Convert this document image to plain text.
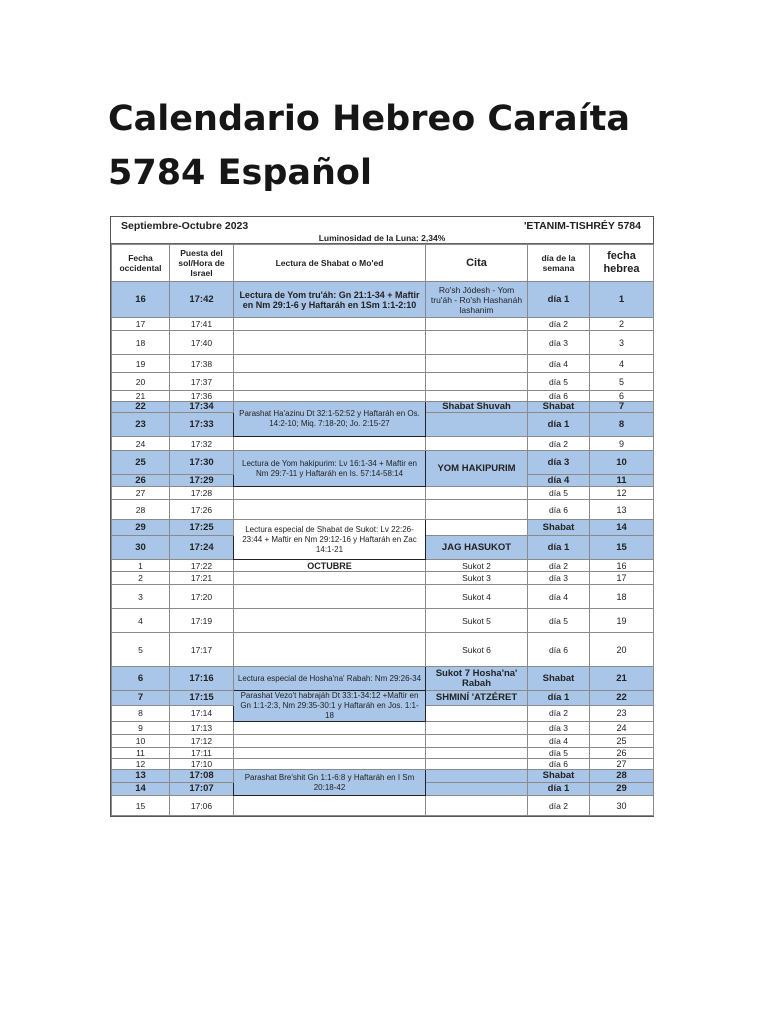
Calendario Hebreo Caraíta 5784 Español
Septiembre-Octubre 2023	'ETANIM-TISHRÉY 5784
Luminosidad de la Luna: 2,34%
Fecha occidental	Puesta del sol/Hora de Israel	Lectura de Shabat o Mo'ed	Cita	día de la semana	fecha hebrea
16	17:42	Lectura de Yom tru'áh: Gn 21:1-34 + Maftir en Nm 29:1-6 y Haftaráh en 1Sm 1:1-2:10	Ro'sh Jódesh - Yom tru'áh - Ro'sh Hashanáh lashanim	día 1	1
17	17:41			día 2	2
18	17:40			día 3	3
19	17:38			día 4	4
20	17:37			día 5	5
21	17:36			día 6	6
22	17:34	Parashat Ha'azinu Dt 32:1-52:52 y Haftaráh en Os. 14:2-10; Miq. 7:18-20; Jo. 2:15-27	Shabat Shuvah	Shabat	7
23	17:33			día 1	8
24	17:32			día 2	9
25	17:30	Lectura de Yom hakipurim: Lv 16:1-34 + Maftir en Nm 29:7-11 y Haftaráh en Is. 57:14-58:14	YOM HAKIPURIM	día 3	10
26	17:29			día 4	11
27	17:28			día 5	12
28	17:26			día 6	13
29	17:25	Lectura especial de Shabat de Sukot: Lv 22:26-23:44 + Maftir en Nm 29:12-16 y Haftaráh en Zac 14:1-21		Shabat	14
30	17:24		JAG HASUKOT	día 1	15
1	17:22	OCTUBRE	Sukot 2	día 2	16
2	17:21		Sukot 3	día 3	17
3	17:20		Sukot 4	día 4	18
4	17:19		Sukot 5	día 5	19
5	17:17		Sukot 6	día 6	20
6	17:16	Lectura especial de Hosha'na' Rabah: Nm 29:26-34	Sukot 7 Hosha'na' Rabah	Shabat	21
7	17:15	Parashat Vezo't habrajáh Dt 33:1-34:12 +Maftir en Gn 1:1-2:3, Nm 29:35-30:1 y Haftaráh en Jos. 1:1-18	SHMINÍ 'ATZÉRET	día 1	22
8	17:14			día 2	23
9	17:13			día 3	24
10	17:12			día 4	25
11	17:11			día 5	26
12	17:10			día 6	27
13	17:08	Parashat Bre'shit Gn 1:1-6:8 y Haftaráh en I Sm 20:18-42		Shabat	28
14	17:07			día 1	29
15	17:06			día 2	30
